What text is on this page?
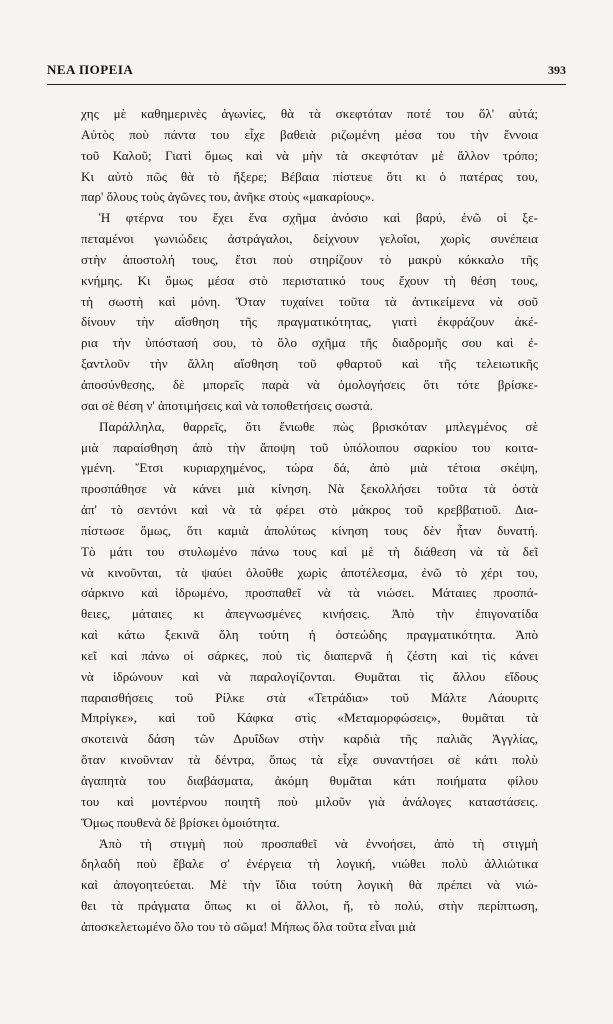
ΝΕΑ ΠΟΡΕΙΑ	393
χης μὲ καθημερινὲς ἀγωνίες, θὰ τὰ σκεφτόταν ποτέ του ὅλ' αὐτά;
Αὐτὸς ποὺ πάντα του εἶχε βαθειὰ ριζωμένη μέσα του τὴν ἔννοια
τοῦ Καλοῦ; Γιατὶ ὅμως καὶ νὰ μὴν τὰ σκεφτόταν μὲ ἄλλον τρόπο;
Κι αὐτὸ πῶς θὰ τὸ ἤξερε; Βέβαια πίστευε ὅτι κι ὁ πατέρας του,
παρ' ὅλους τοὺς ἀγῶνες του, ἀνῆκε στοὺς «μακαρίους».
Ἡ φτέρνα του ἔχει ἕνα σχῆμα ἀνόσιο καὶ βαρύ, ἐνῶ οἱ ξε-
πεταμένοι γωνιώδεις ἀστράγαλοι, δείχνουν γελοῖοι, χωρὶς συνέπεια
στὴν ἀποστολή τους, ἔτσι ποὺ στηρίζουν τὸ μακρὺ κόκκαλο τῆς
κνήμης. Κι ὅμως μέσα στὸ περιστατικό τους ἔχουν τὴ θέση τους,
τὴ σωστὴ καὶ μόνη. Ὅταν τυχαίνει τοῦτα τὰ ἀντικείμενα νὰ σοῦ
δίνουν τὴν αἴσθηση τῆς πραγματικότητας, γιατὶ ἐκφράζουν ἀκέ-
ρια τὴν ὑπόστασή σου, τὸ ὅλο σχῆμα τῆς διαδρομῆς σου καὶ ἐ-
ξαντλοῦν τὴν ἄλλη αἴσθηση τοῦ φθαρτοῦ καὶ τῆς τελειωτικῆς
ἀποσύνθεσης, δὲ μπορεῖς παρὰ νὰ ὁμολογήσεις ὅτι τότε βρίσκε-
σαι σὲ θέση ν' ἀποτιμήσεις καὶ νὰ τοποθετήσεις σωστά.
Παράλληλα, θαρρεῖς, ὅτι ἔνιωθε πὼς βρισκόταν μπλεγμένος σὲ
μιὰ παραίσθηση ἀπὸ τὴν ἄποψη τοῦ ὑπόλοιπου σαρκίου του κοιτα-
γμένη. Ἔτσι κυριαρχημένος, τώρα δά, ἀπὸ μιὰ τέτοια σκέψη,
προσπάθησε νὰ κάνει μιὰ κίνηση. Νὰ ξεκολλήσει τοῦτα τὰ ὀστὰ
ἀπ' τὸ σεντόνι καὶ νὰ τὰ φέρει στὸ μάκρος τοῦ κρεββατιοῦ. Δια-
πίστωσε ὅμως, ὅτι καμιὰ ἀπολύτως κίνηση τους δὲν ἦταν δυνατή.
Τὸ μάτι του στυλωμένο πάνω τους καὶ μὲ τὴ διάθεση νὰ τὰ δεῖ
νὰ κινοῦνται, τὰ ψαύει ὁλοῦθε χωρὶς ἀποτέλεσμα, ἐνῶ τὸ χέρι του,
σάρκινο καὶ ἱδρωμένο, προσπαθεῖ νὰ τὰ νιώσει. Μάταιες προσπά-
θειες, μάταιες κι ἀπεγνωσμένες κινήσεις. Ἀπὸ τὴν ἐπιγονατίδα
καὶ κάτω ξεκινᾶ ὅλη τούτη ἡ ὀστεώδης πραγματικότητα. Ἀπὸ
κεῖ καὶ πάνω οἱ σάρκες, ποὺ τὶς διαπερνᾶ ἡ ζέστη καὶ τὶς κάνει
νὰ ἱδρώνουν καὶ νὰ παραλογίζονται. Θυμᾶται τὶς ἄλλου εἴδους
παραισθήσεις τοῦ Ρίλκε στὰ «Τετράδια» τοῦ Μάλτε Λάουριτς
Μπρίγκε», καὶ τοῦ Κάφκα στὶς «Μεταμορφώσεις», θυμᾶται τὰ
σκοτεινὰ δάση τῶν Δρυΐδων στὴν καρδιὰ τῆς παλιᾶς Ἀγγλίας,
ὅταν κινοῦνταν τὰ δέντρα, ὅπως τὰ εἶχε συναντήσει σὲ κάτι πολὺ
ἀγαπητὰ του διαβάσματα, ἀκόμη θυμᾶται κάτι ποιήματα φίλου
του καὶ μοντέρνου ποιητῆ ποὺ μιλοῦν γιὰ ἀνάλογες καταστάσεις.
Ὅμως πουθενὰ δὲ βρίσκει ὁμοιότητα.
Ἀπὸ τὴ στιγμὴ ποὺ προσπαθεῖ νὰ ἐννοήσει, ἀπὸ τὴ στιγμὴ
δηλαδὴ ποὺ ἔβαλε σ' ἐνέργεια τὴ λογική, νιώθει πολὺ ἀλλιώτικα
καὶ ἀπογοητεύεται. Μὲ τὴν ἴδια τούτη λογικὴ θὰ πρέπει νὰ νιώ-
θει τὰ πράγματα ὅπως κι οἱ ἄλλοι, ἤ, τὸ πολύ, στὴν περίπτωση,
ἀποσκελετωμένο ὅλο του τὸ σῶμα! Μήπως ὅλα τοῦτα εἶναι μιὰ
